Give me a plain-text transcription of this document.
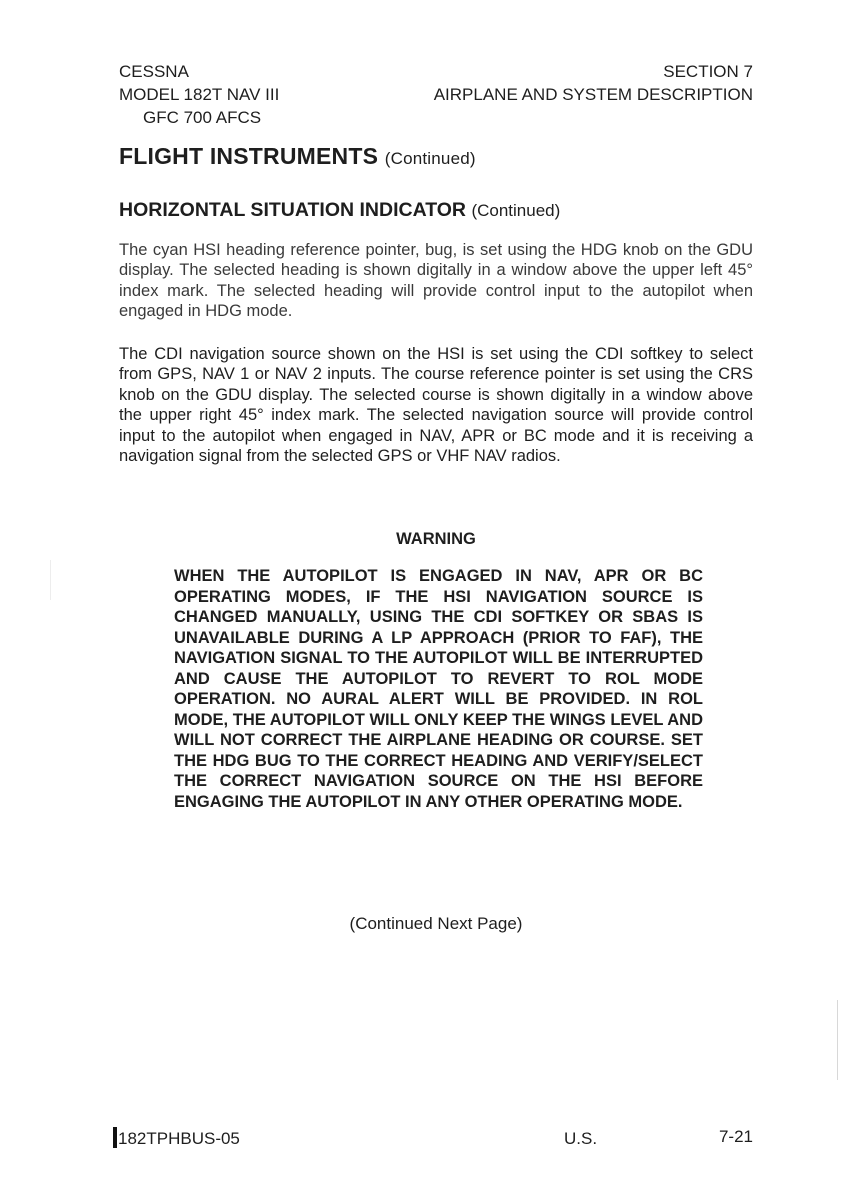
CESSNA
MODEL 182T NAV III
GFC 700 AFCS
SECTION 7
AIRPLANE AND SYSTEM DESCRIPTION
FLIGHT INSTRUMENTS (Continued)
HORIZONTAL SITUATION INDICATOR (Continued)

The cyan HSI heading reference pointer, bug, is set using the HDG knob on the GDU display. The selected heading is shown digitally in a window above the upper left 45° index mark. The selected heading will provide control input to the autopilot when engaged in HDG mode.

The CDI navigation source shown on the HSI is set using the CDI softkey to select from GPS, NAV 1 or NAV 2 inputs. The course reference pointer is set using the CRS knob on the GDU display. The selected course is shown digitally in a window above the upper right 45° index mark. The selected navigation source will provide control input to the autopilot when engaged in NAV, APR or BC mode and it is receiving a navigation signal from the selected GPS or VHF NAV radios.

WARNING
WHEN THE AUTOPILOT IS ENGAGED IN NAV, APR OR BC OPERATING MODES, IF THE HSI NAVIGATION SOURCE IS CHANGED MANUALLY, USING THE CDI SOFTKEY OR SBAS IS UNAVAILABLE DURING A LP APPROACH (PRIOR TO FAF), THE NAVIGATION SIGNAL TO THE AUTOPILOT WILL BE INTERRUPTED AND CAUSE THE AUTOPILOT TO REVERT TO ROL MODE OPERATION. NO AURAL ALERT WILL BE PROVIDED. IN ROL MODE, THE AUTOPILOT WILL ONLY KEEP THE WINGS LEVEL AND WILL NOT CORRECT THE AIRPLANE HEADING OR COURSE. SET THE HDG BUG TO THE CORRECT HEADING AND VERIFY/SELECT THE CORRECT NAVIGATION SOURCE ON THE HSI BEFORE ENGAGING THE AUTOPILOT IN ANY OTHER OPERATING MODE.
(Continued Next Page)
182TPHBUS-05	U.S.	7-21
